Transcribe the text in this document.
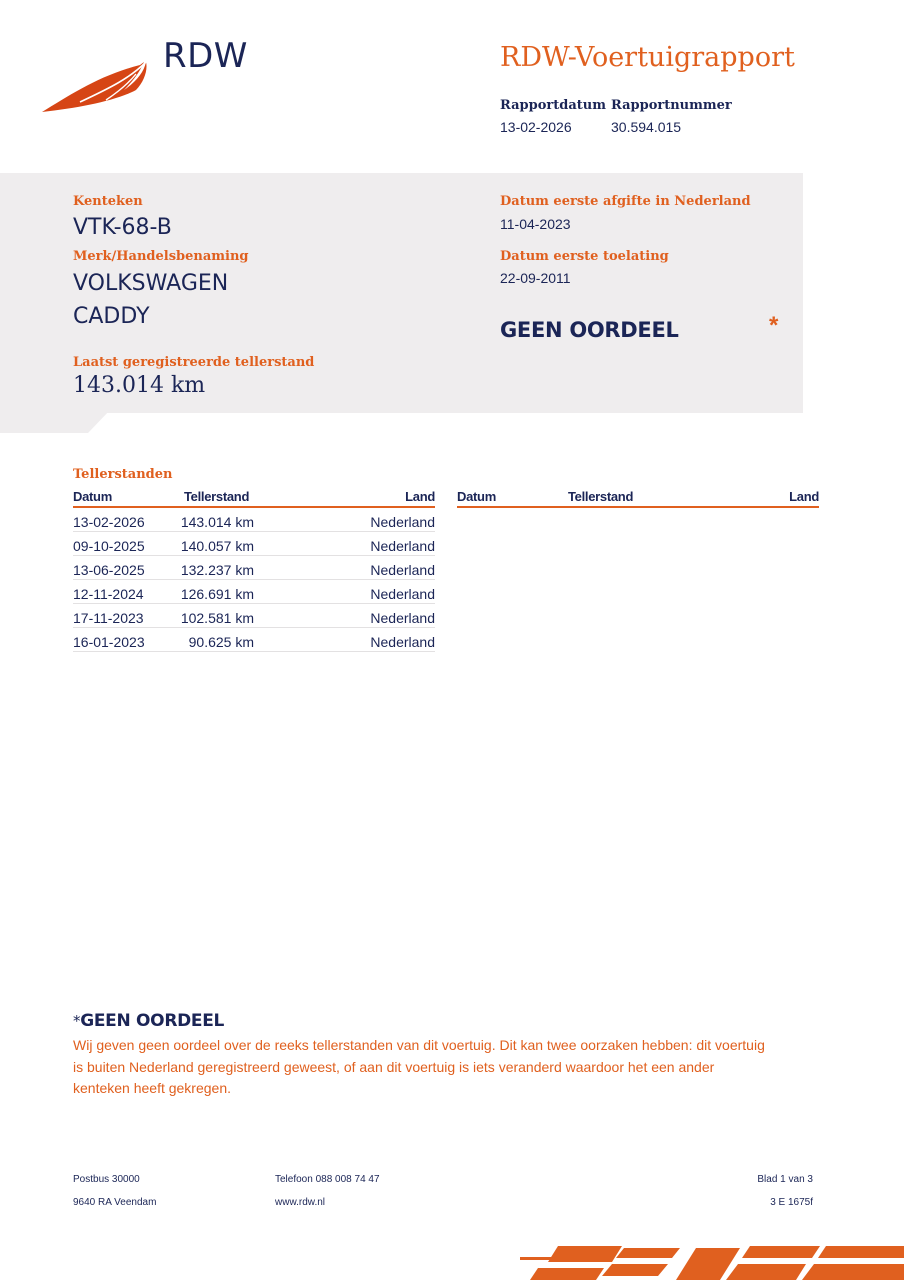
RDW	RDW-Voertuigrapport
Rapportdatum
13-02-2026
Rapportnummer
30.594.015
Kenteken
VTK-68-B
Merk/Handelsbenaming
VOLKSWAGEN
CADDY
Laatst geregistreerde tellerstand
143.014 km
Datum eerste afgifte in Nederland
11-04-2023
Datum eerste toelating
22-09-2011
GEEN OORDEEL	*
Tellerstanden
Datum	Tellerstand	Land
13-02-2026	143.014 km	Nederland
09-10-2025	140.057 km	Nederland
13-06-2025	132.237 km	Nederland
12-11-2024	126.691 km	Nederland
17-11-2023	102.581 km	Nederland
16-01-2023	90.625 km	Nederland
Datum	Tellerstand	Land
*GEEN OORDEEL
Wij geven geen oordeel over de reeks tellerstanden van dit voertuig. Dit kan twee oorzaken hebben: dit voertuig is buiten Nederland geregistreerd geweest, of aan dit voertuig is iets veranderd waardoor het een ander kenteken heeft gekregen.
Postbus 30000
9640 RA Veendam
Telefoon 088 008 74 47
www.rdw.nl
Blad 1 van 3
3 E 1675f
